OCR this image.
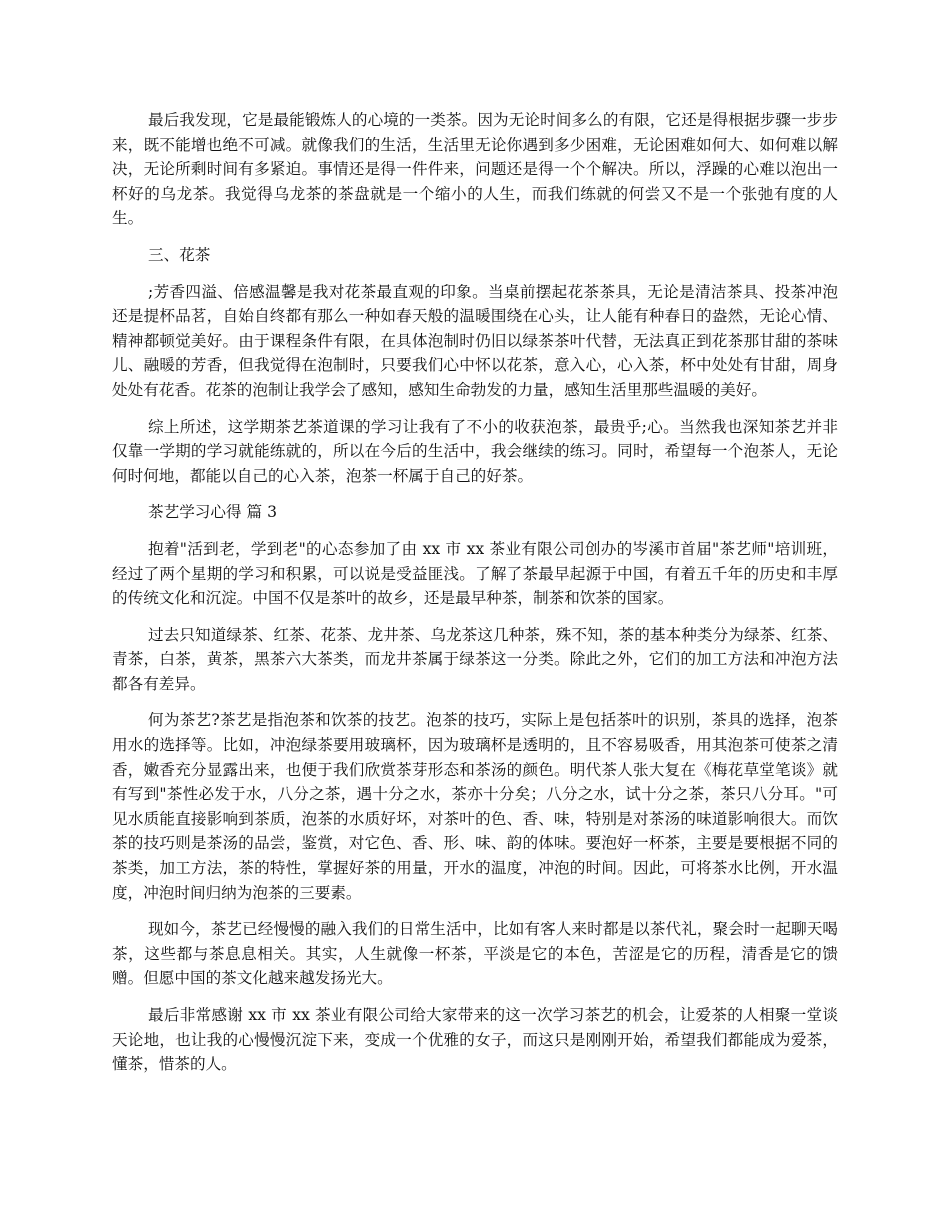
最后我发现，它是最能锻炼人的心境的一类茶。因为无论时间多么的有限，它还是得根据步骤一步步来，既不能增也绝不可减。就像我们的生活，生活里无论你遇到多少困难，无论困难如何大、如何难以解决，无论所剩时间有多紧迫。事情还是得一件件来，问题还是得一个个解决。所以，浮躁的心难以泡出一杯好的乌龙茶。我觉得乌龙茶的茶盘就是一个缩小的人生，而我们练就的何尝又不是一个张弛有度的人生。

三、花茶

;芳香四溢、倍感温馨是我对花茶最直观的印象。当桌前摆起花茶茶具，无论是清洁茶具、投茶冲泡还是提杯品茗，自始自终都有那么一种如春天般的温暖围绕在心头，让人能有种春日的盎然，无论心情、精神都顿觉美好。由于课程条件有限，在具体泡制时仍旧以绿茶茶叶代替，无法真正到花茶那甘甜的茶味儿、融暖的芳香，但我觉得在泡制时，只要我们心中怀以花茶，意入心，心入茶，杯中处处有甘甜，周身处处有花香。花茶的泡制让我学会了感知，感知生命勃发的力量，感知生活里那些温暖的美好。

综上所述，这学期茶艺茶道课的学习让我有了不小的收获泡茶，最贵乎;心。当然我也深知茶艺并非仅靠一学期的学习就能练就的，所以在今后的生活中，我会继续的练习。同时，希望每一个泡茶人，无论何时何地，都能以自己的心入茶，泡茶一杯属于自己的好茶。

茶艺学习心得 篇 3

抱着"活到老，学到老"的心态参加了由 xx 市 xx 茶业有限公司创办的岑溪市首届"茶艺师"培训班，经过了两个星期的学习和积累，可以说是受益匪浅。了解了茶最早起源于中国，有着五千年的历史和丰厚的传统文化和沉淀。中国不仅是茶叶的故乡，还是最早种茶，制茶和饮茶的国家。

过去只知道绿茶、红茶、花茶、龙井茶、乌龙茶这几种茶，殊不知，茶的基本种类分为绿茶、红茶、青茶，白茶，黄茶，黑茶六大茶类，而龙井茶属于绿茶这一分类。除此之外，它们的加工方法和冲泡方法都各有差异。

何为茶艺?茶艺是指泡茶和饮茶的技艺。泡茶的技巧，实际上是包括茶叶的识别，茶具的选择，泡茶用水的选择等。比如，冲泡绿茶要用玻璃杯，因为玻璃杯是透明的，且不容易吸香，用其泡茶可使茶之清香，嫩香充分显露出来，也便于我们欣赏茶芽形态和茶汤的颜色。明代茶人张大复在《梅花草堂笔谈》就有写到"茶性必发于水，八分之茶，遇十分之水，茶亦十分矣；八分之水，试十分之茶，茶只八分耳。"可见水质能直接影响到茶质，泡茶的水质好坏，对茶叶的色、香、味，特别是对茶汤的味道影响很大。而饮茶的技巧则是茶汤的品尝，鉴赏，对它色、香、形、味、韵的体味。要泡好一杯茶，主要是要根据不同的茶类，加工方法，茶的特性，掌握好茶的用量，开水的温度，冲泡的时间。因此，可将茶水比例，开水温度，冲泡时间归纳为泡茶的三要素。

现如今，茶艺已经慢慢的融入我们的日常生活中，比如有客人来时都是以茶代礼，聚会时一起聊天喝茶，这些都与茶息息相关。其实，人生就像一杯茶，平淡是它的本色，苦涩是它的历程，清香是它的馈赠。但愿中国的茶文化越来越发扬光大。

最后非常感谢 xx 市 xx 茶业有限公司给大家带来的这一次学习茶艺的机会，让爱茶的人相聚一堂谈天论地，也让我的心慢慢沉淀下来，变成一个优雅的女子，而这只是刚刚开始，希望我们都能成为爱茶，懂茶，惜茶的人。
